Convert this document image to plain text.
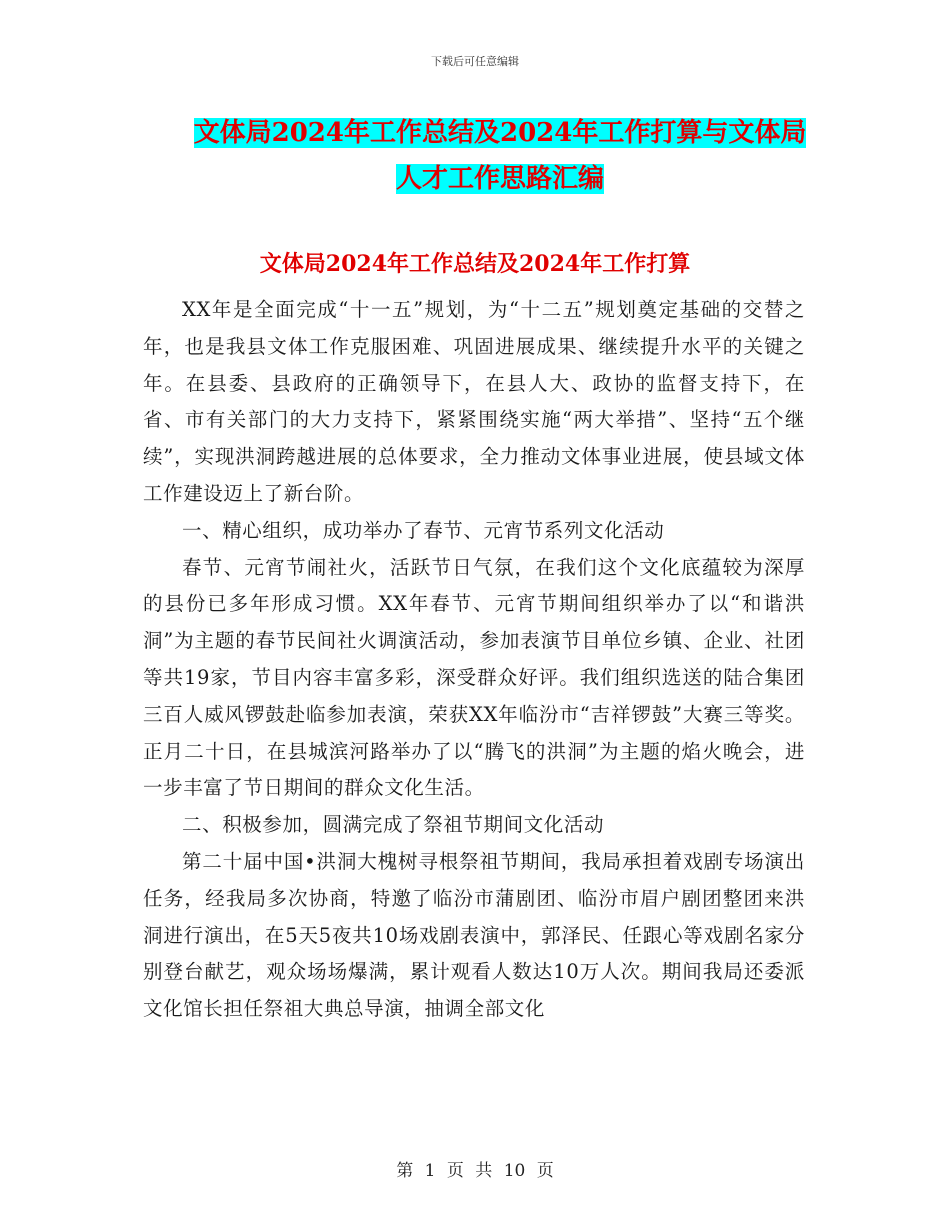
下载后可任意编辑
文体局2024年工作总结及2024年工作打算与文体局
人才工作思路汇编
文体局2024年工作总结及2024年工作打算

XX年是全面完成“十一五”规划，为“十二五”规划奠定基础的交替之年，也是我县文体工作克服困难、巩固进展成果、继续提升水平的关键之年。在县委、县政府的正确领导下，在县人大、政协的监督支持下，在省、市有关部门的大力支持下，紧紧围绕实施“两大举措”、坚持“五个继续”，实现洪洞跨越进展的总体要求，全力推动文体事业进展，使县域文体工作建设迈上了新台阶。

一、精心组织，成功举办了春节、元宵节系列文化活动

春节、元宵节闹社火，活跃节日气氛，在我们这个文化底蕴较为深厚的县份已多年形成习惯。XX年春节、元宵节期间组织举办了以“和谐洪洞”为主题的春节民间社火调演活动，参加表演节目单位乡镇、企业、社团等共19家，节目内容丰富多彩，深受群众好评。我们组织选送的陆合集团三百人威风锣鼓赴临参加表演，荣获XX年临汾市“吉祥锣鼓”大赛三等奖。正月二十日，在县城滨河路举办了以“腾飞的洪洞”为主题的焰火晚会，进一步丰富了节日期间的群众文化生活。

二、积极参加，圆满完成了祭祖节期间文化活动

第二十届中国•洪洞大槐树寻根祭祖节期间，我局承担着戏剧专场演出任务，经我局多次协商，特邀了临汾市蒲剧团、临汾市眉户剧团整团来洪洞进行演出，在5天5夜共10场戏剧表演中，郭泽民、任跟心等戏剧名家分别登台献艺，观众场场爆满，累计观看人数达10万人次。期间我局还委派文化馆长担任祭祖大典总导演，抽调全部文化

第 1 页 共 10 页
